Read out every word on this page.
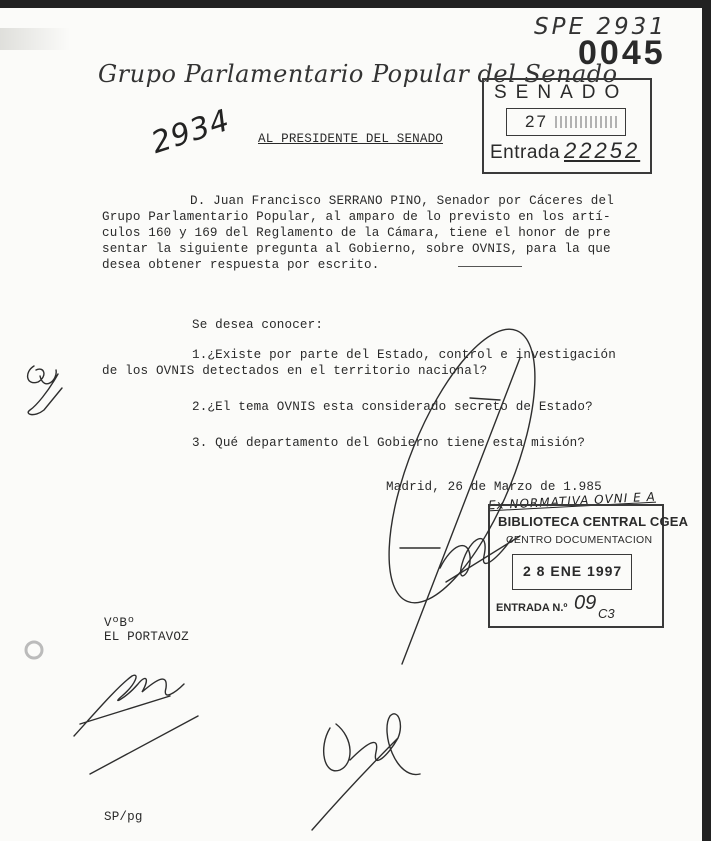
SPE 2931
0045
Grupo Parlamentario Popular del Senado
SENADO
27
Entrada 22252
2934 AL PRESIDENTE DEL SENADO
D. Juan Francisco SERRANO PINO, Senador por Cáceres del
Grupo Parlamentario Popular, al amparo de lo previsto en los artí-
culos 160 y 169 del Reglamento de la Cámara, tiene el honor de pre
sentar la siguiente pregunta al Gobierno, sobre OVNIS, para la que
desea obtener respuesta por escrito.
Se desea conocer:
1.¿Existe por parte del Estado, control e investigación
de los OVNIS detectados en el territorio nacional?
2.¿El tema OVNIS esta considerado secreto de Estado?
3. Qué departamento del Gobierno tiene esta misión?
Madrid, 26 de Marzo de 1.985
Ex NORMATIVA OVNI E A
BIBLIOTECA CENTRAL CGEA
CENTRO DOCUMENTACION
2 8 ENE 1997
ENTRADA N.º 09 C3
VºBº
EL PORTAVOZ
SP/pg
